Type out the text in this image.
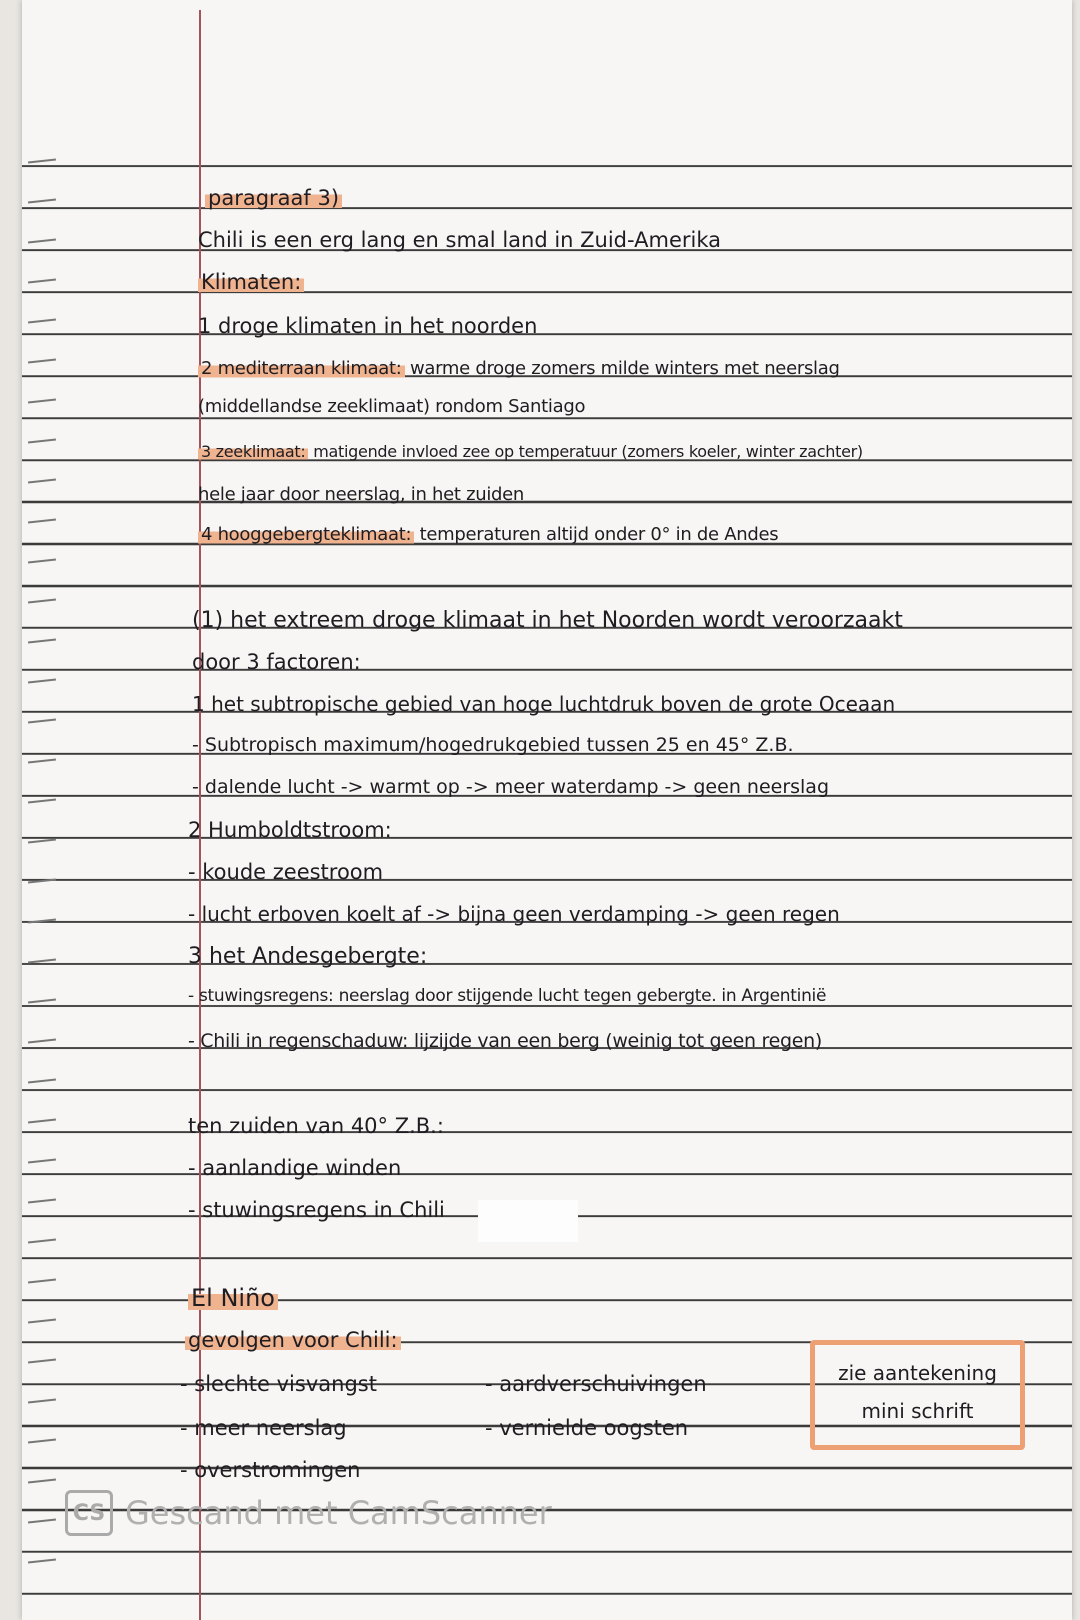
paragraaf 3)
Chili is een erg lang en smal land in Zuid-Amerika
Klimaten:
1 droge klimaten in het noorden
2 mediterraan klimaat: warme droge zomers milde winters met neerslag
(middellandse zeeklimaat) rondom Santiago
3 zeeklimaat: matigende invloed zee op temperatuur (zomers koeler, winter zachter)
hele jaar door neerslag, in het zuiden
4 hooggebergteklimaat: temperaturen altijd onder 0° in de Andes
(1) het extreem droge klimaat in het Noorden wordt veroorzaakt
door 3 factoren:
1 het subtropische gebied van hoge luchtdruk boven de grote Oceaan
- Subtropisch maximum/hogedrukgebied tussen 25 en 45° Z.B.
- dalende lucht -> warmt op -> meer waterdamp -> geen neerslag
2 Humboldtstroom:
- koude zeestroom
- lucht erboven koelt af -> bijna geen verdamping -> geen regen
3 het Andesgebergte:
- stuwingsregens: neerslag door stijgende lucht tegen gebergte. in Argentinië
- Chili in regenschaduw: lijzijde van een berg (weinig tot geen regen)
ten zuiden van 40° Z.B.:
- aanlandige winden
- stuwingsregens in Chili
El Niño
gevolgen voor Chili:
- slechte visvangst
- meer neerslag
- overstromingen
- aardverschuivingen
- vernielde oogsten
zie aantekening
mini schrift
CS Gescand met CamScanner
